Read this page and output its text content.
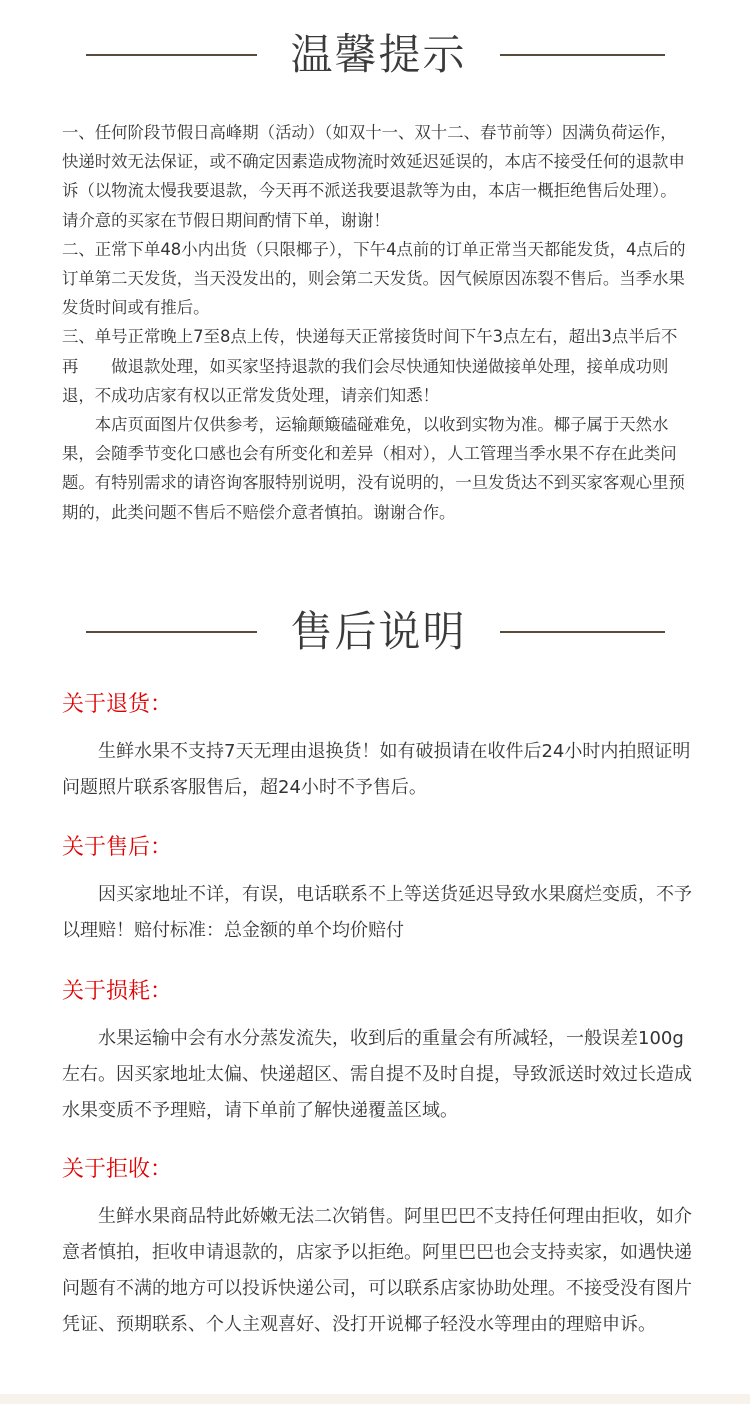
温馨提示

一、任何阶段节假日高峰期（活动）（如双十一、双十二、春节前等）因满负荷运作，快递时效无法保证，或不确定因素造成物流时效延迟延误的，本店不接受任何的退款申诉（以物流太慢我要退款，今天再不派送我要退款等为由，本店一概拒绝售后处理）。请介意的买家在节假日期间酌情下单，谢谢！

二、正常下单48小内出货（只限椰子），下午4点前的订单正常当天都能发货，4点后的订单第二天发货，当天没发出的，则会第二天发货。因气候原因冻裂不售后。当季水果发货时间或有推后。

三、单号正常晚上7至8点上传，快递每天正常接货时间下午3点左右，超出3点半后不再　　做退款处理，如买家坚持退款的我们会尽快通知快递做接单处理，接单成功则退，不成功店家有权以正常发货处理，请亲们知悉！

　　本店页面图片仅供参考，运输颠簸磕碰难免，以收到实物为准。椰子属于天然水果，会随季节变化口感也会有所变化和差异（相对），人工管理当季水果不存在此类问题。有特别需求的请咨询客服特别说明，没有说明的，一旦发货达不到买家客观心里预期的，此类问题不售后不赔偿介意者慎拍。谢谢合作。

售后说明
关于退货：

　　生鲜水果不支持7天无理由退换货！如有破损请在收件后24小时内拍照证明问题照片联系客服售后，超24小时不予售后。

关于售后：

　　因买家地址不详，有误，电话联系不上等送货延迟导致水果腐烂变质，不予以理赔！赔付标准：总金额的单个均价赔付

关于损耗：

　　水果运输中会有水分蒸发流失，收到后的重量会有所减轻，一般误差100g左右。因买家地址太偏、快递超区、需自提不及时自提，导致派送时效过长造成水果变质不予理赔，请下单前了解快递覆盖区域。

关于拒收：

　　生鲜水果商品特此娇嫩无法二次销售。阿里巴巴不支持任何理由拒收，如介意者慎拍，拒收申请退款的，店家予以拒绝。阿里巴巴也会支持卖家，如遇快递问题有不满的地方可以投诉快递公司，可以联系店家协助处理。不接受没有图片凭证、预期联系、个人主观喜好、没打开说椰子轻没水等理由的理赔申诉。
